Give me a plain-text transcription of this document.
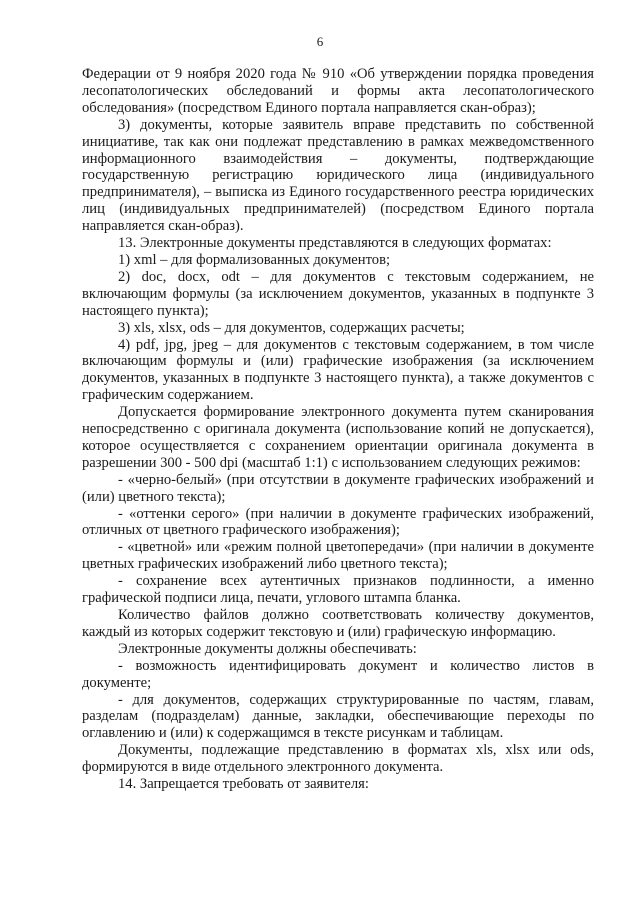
6

Федерации от 9 ноября 2020 года № 910 «Об утверждении порядка проведения лесопатологических обследований и формы акта лесопатологического обследования» (посредством Единого портала направляется скан-образ);

3) документы, которые заявитель вправе представить по собственной инициативе, так как они подлежат представлению в рамках межведомственного информационного взаимодействия – документы, подтверждающие государственную регистрацию юридического лица (индивидуального предпринимателя), – выписка из Единого государственного реестра юридических лиц (индивидуальных предпринимателей) (посредством Единого портала направляется скан-образ).

13. Электронные документы представляются в следующих форматах:

1) xml – для формализованных документов;

2) doc, docx, odt – для документов с текстовым содержанием, не включающим формулы (за исключением документов, указанных в подпункте 3 настоящего пункта);

3) xls, xlsx, ods – для документов, содержащих расчеты;

4) pdf, jpg, jpeg – для документов с текстовым содержанием, в том числе включающим формулы и (или) графические изображения (за исключением документов, указанных в подпункте 3 настоящего пункта), а также документов с графическим содержанием.

Допускается формирование электронного документа путем сканирования непосредственно с оригинала документа (использование копий не допускается), которое осуществляется с сохранением ориентации оригинала документа в разрешении 300 - 500 dpi (масштаб 1:1) с использованием следующих режимов:

- «черно-белый» (при отсутствии в документе графических изображений и (или) цветного текста);

- «оттенки серого» (при наличии в документе графических изображений, отличных от цветного графического изображения);

- «цветной» или «режим полной цветопередачи» (при наличии в документе цветных графических изображений либо цветного текста);

- сохранение всех аутентичных признаков подлинности, а именно графической подписи лица, печати, углового штампа бланка.

Количество файлов должно соответствовать количеству документов, каждый из которых содержит текстовую и (или) графическую информацию.

Электронные документы должны обеспечивать:

- возможность идентифицировать документ и количество листов в документе;

- для документов, содержащих структурированные по частям, главам, разделам (подразделам) данные, закладки, обеспечивающие переходы по оглавлению и (или) к содержащимся в тексте рисункам и таблицам.

Документы, подлежащие представлению в форматах xls, xlsx или ods, формируются в виде отдельного электронного документа.

14. Запрещается требовать от заявителя:
